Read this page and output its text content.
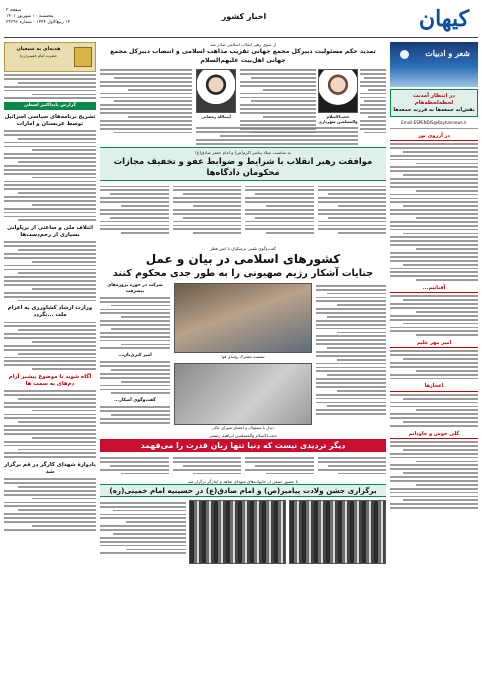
کیهان
اخبار کشور
صفحه ۳
پنجشنبه ۱۰ شهریور ۱۴۰۱
۱۴ ربیع‌الاول ۱۴۴۴ - شماره ۲۳۲۹۶
شعر و ادبیات
در انتظار آمدنت لحظه‌لحظه‌هام
نقش‌اند جمعه‌ها به فرزند جمعه‌ها
Email:ESPENDIS@Kayhannews.ir
در آرزوی نور
آفتابیم...
امیر مهر علیم
اعجازها
گلی خوش و جاودانم
هدیه‌ای به شیعیان
حضرت امام خمینی(ره)
گزارش بایداکتبر اسطی
تشریح برنامه‌های سیاسی اسرائیل توسط عربستان و امارات
ائتلاف ملی و ساعتی از برپاوانی بسیاری از رحم‌دست‌ها
وزارت ارشاد کشاورزی به اعزام ملت ...نگردد
آگاه شوید با موضوع پیشبر آرام دم‌های به سمت ها
یادوارهٔ شهدای کارگر در قم برگزار شد
از سوی رهبر انقلاب اسلامی صادر شد
تمدید حکم مسئولیت دبیرکل مجمع جهانی تقریب مذاهب اسلامی و انتصاب دبیرکل مجمع جهانی اهل‌بیت علیهم‌السلام
حجت‌الاسلام والمسلمین شهریاری
آیت‌الله رمضانی
به مناسبت میلاد پیامبر اکرم(ص) و امام جعفر صادق(ع)
موافقت رهبر انقلاب با شرایط و ضوابط عفو و تخفیف مجازات محکومان دادگاه‌ها
گفت‌وگوی تلفنی پزشکیان با امیر قطر
کشورهای اسلامی در بیان و عمل
جنایات آشکار رژیم صهیونی را به طور جدی محکوم کنند
نشست مشترک رؤسای قوا
دیدار با مسئولان و اعضای شورای عالی
شرکت در حوزه پروژه‌های پیشرفت
امیر کبری‌بان...
گفت‌وگوی آشکار...
حجت‌الاسلام والمسلمین ابراهیم رئیسی
دیگر تردیدی نیست که دنیا تنها زبان قدرت را می‌فهمد
با حضور جمعی از خانواده‌های شهدای شاهد و ایثارگر برگزار شد
برگزاری جشن ولادت پیامبر(ص) و امام صادق(ع) در حسینیه امام خمینی(ره)
